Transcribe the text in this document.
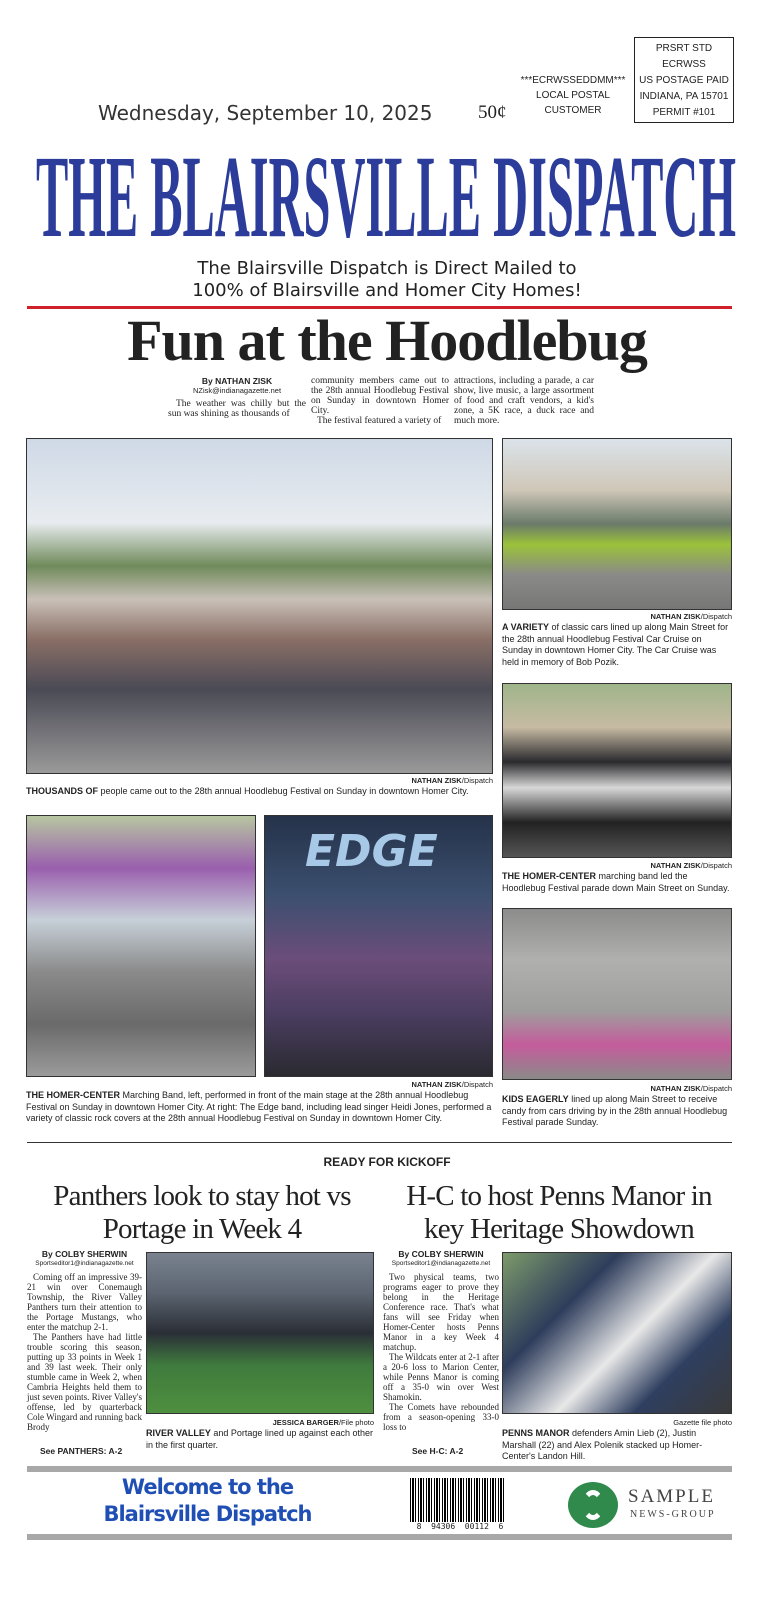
Wednesday, September 10, 2025 50¢
***ECRWSSEDDMM***
LOCAL POSTAL
CUSTOMER
PRSRT STD
ECRWSS
US POSTAGE PAID
INDIANA, PA 15701
PERMIT #101
THE BLAIRSVILLE DISPATCH
The Blairsville Dispatch is Direct Mailed to
100% of Blairsville and Homer City Homes!
Fun at the Hoodlebug
By NATHAN ZISK
NZisk@indianagazette.net

The weather was chilly but the sun was shining as thousands of

community members came out to the 28th annual Hoodlebug Festival on Sunday in downtown Homer City.

The festival featured a variety of

attractions, including a parade, a car show, live music, a large assortment of food and craft vendors, a kid's zone, a 5K race, a duck race and much more.

NATHAN ZISK/Dispatch
THOUSANDS OF people came out to the 28th annual Hoodlebug Festival on Sunday in downtown Homer City.
NATHAN ZISK/Dispatch
A VARIETY of classic cars lined up along Main Street for the 28th annual Hoodlebug Festival Car Cruise on Sunday in downtown Homer City. The Car Cruise was held in memory of Bob Pozik.
NATHAN ZISK/Dispatch
THE HOMER-CENTER marching band led the Hoodlebug Festival parade down Main Street on Sunday.
EDGE
NATHAN ZISK/Dispatch
THE HOMER-CENTER Marching Band, left, performed in front of the main stage at the 28th annual Hoodlebug Festival on Sunday in downtown Homer City. At right: The Edge band, including lead singer Heidi Jones, performed a variety of classic rock covers at the 28th annual Hoodlebug Festival on Sunday in downtown Homer City.
NATHAN ZISK/Dispatch
KIDS EAGERLY lined up along Main Street to receive candy from cars driving by in the 28th annual Hoodlebug Festival parade Sunday.
READY FOR KICKOFF
Panthers look to stay hot vs Portage in Week 4
By COLBY SHERWIN
Sportseditor1@indianagazette.net

Coming off an impressive 39-21 win over Conemaugh Township, the River Valley Panthers turn their attention to the Portage Mustangs, who enter the matchup 2-1.

The Panthers have had little trouble scoring this season, putting up 33 points in Week 1 and 39 last week. Their only stumble came in Week 2, when Cambria Heights held them to just seven points. River Valley's offense, led by quarterback Cole Wingard and running back Brody

See PANTHERS: A-2
JESSICA BARGER/File photo
RIVER VALLEY and Portage lined up against each other in the first quarter.
H-C to host Penns Manor in key Heritage Showdown
By COLBY SHERWIN
Sportseditor1@indianagazette.net

Two physical teams, two programs eager to prove they belong in the Heritage Conference race. That's what fans will see Friday when Homer-Center hosts Penns Manor in a key Week 4 matchup.

The Wildcats enter at 2-1 after a 20-6 loss to Marion Center, while Penns Manor is coming off a 35-0 win over West Shamokin.

The Comets have rebounded from a season-opening 33-0 loss to

See H-C: A-2
Gazette file photo
PENNS MANOR defenders Amin Lieb (2), Justin Marshall (22) and Alex Polenik stacked up Homer-Center's Landon Hill.
Welcome to the
Blairsville Dispatch
8  94306  00112  6
SAMPLE
NEWS-GROUP
